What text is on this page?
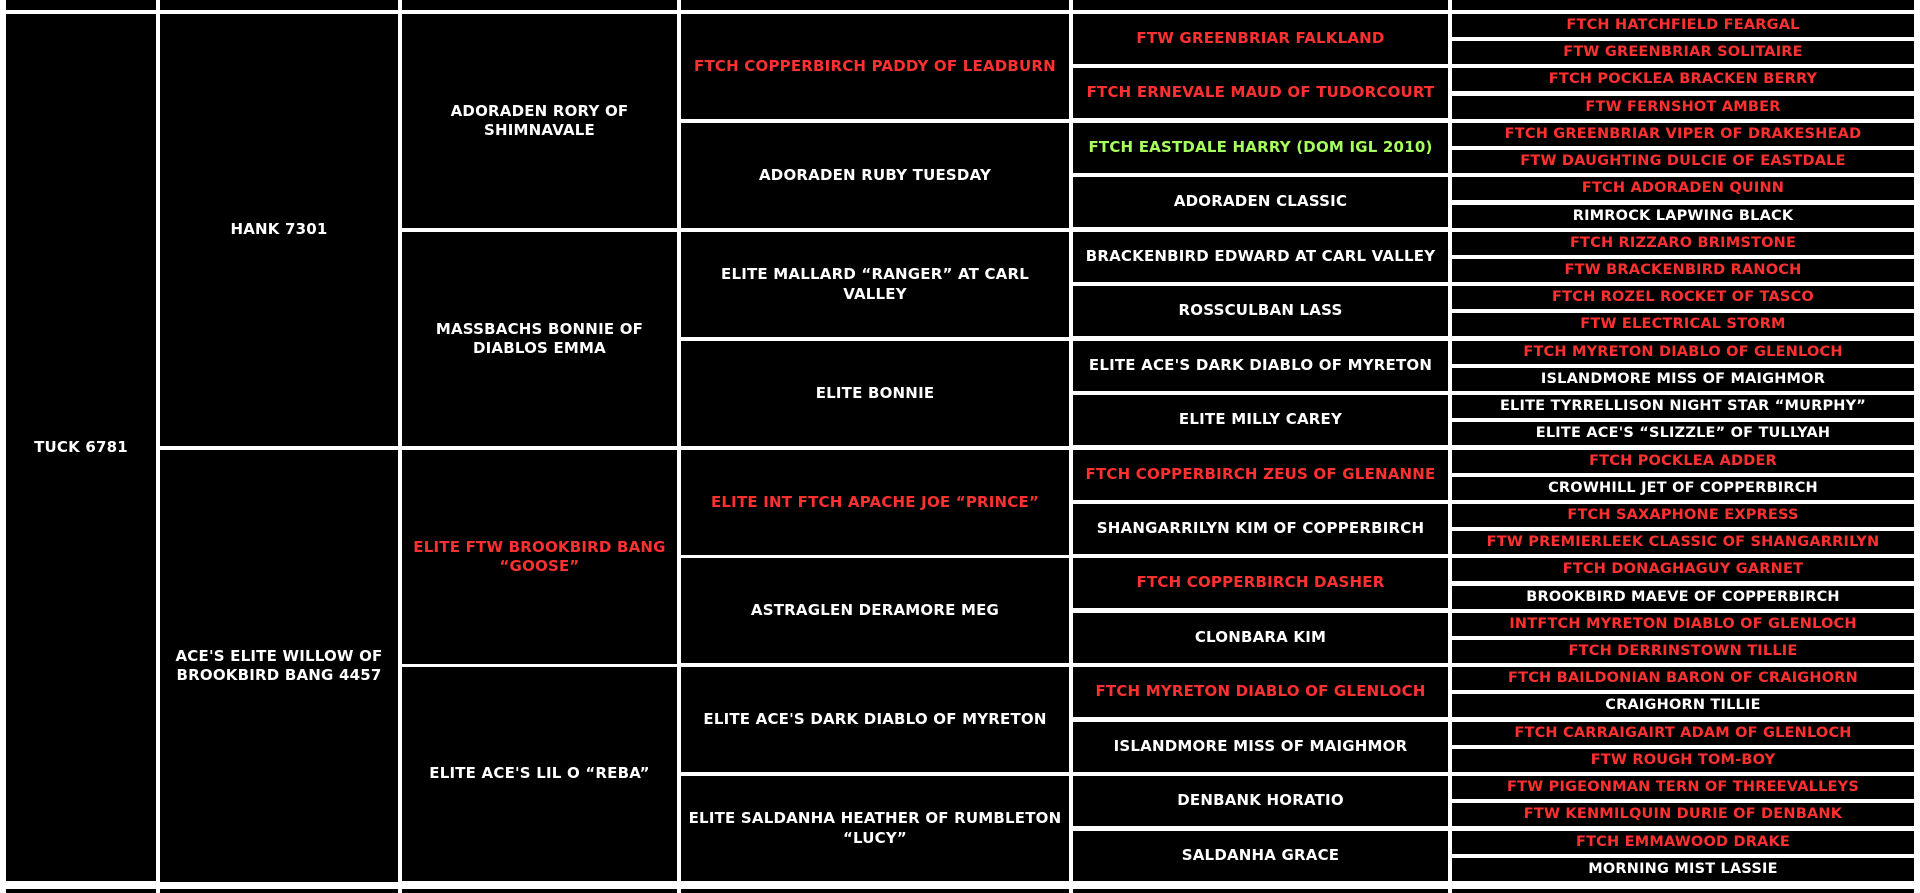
TUCK 6781
HANK 7301
ACE'S ELITE WILLOW OF BROOKBIRD BANG 4457
ADORADEN RORY OF SHIMNAVALE
MASSBACHS BONNIE OF DIABLOS EMMA
ELITE FTW BROOKBIRD BANG “GOOSE”
ELITE ACE'S LIL O “REBA”
FTCH COPPERBIRCH PADDY OF LEADBURN
ADORADEN RUBY TUESDAY
ELITE MALLARD “RANGER” AT CARL VALLEY
ELITE BONNIE
ELITE INT FTCH APACHE JOE “PRINCE”
ASTRAGLEN DERAMORE MEG
ELITE ACE'S DARK DIABLO OF MYRETON
ELITE SALDANHA HEATHER OF RUMBLETON “LUCY”
FTW GREENBRIAR FALKLAND
FTCH ERNEVALE MAUD OF TUDORCOURT
FTCH EASTDALE HARRY (DOM IGL 2010)
ADORADEN CLASSIC
BRACKENBIRD EDWARD AT CARL VALLEY
ROSSCULBAN LASS
ELITE ACE'S DARK DIABLO OF MYRETON
ELITE MILLY CAREY
FTCH COPPERBIRCH ZEUS OF GLENANNE
SHANGARRILYN KIM OF COPPERBIRCH
FTCH COPPERBIRCH DASHER
CLONBARA KIM
FTCH MYRETON DIABLO OF GLENLOCH
ISLANDMORE MISS OF MAIGHMOR
DENBANK HORATIO
SALDANHA GRACE
FTCH HATCHFIELD FEARGAL
FTW GREENBRIAR SOLITAIRE
FTCH POCKLEA BRACKEN BERRY
FTW FERNSHOT AMBER
FTCH GREENBRIAR VIPER OF DRAKESHEAD
FTW DAUGHTING DULCIE OF EASTDALE
FTCH ADORADEN QUINN
RIMROCK LAPWING BLACK
FTCH RIZZARO BRIMSTONE
FTW BRACKENBIRD RANOCH
FTCH ROZEL ROCKET OF TASCO
FTW ELECTRICAL STORM
FTCH MYRETON DIABLO OF GLENLOCH
ISLANDMORE MISS OF MAIGHMOR
ELITE TYRRELLISON NIGHT STAR “MURPHY”
ELITE ACE'S “SLIZZLE” OF TULLYAH
FTCH POCKLEA ADDER
CROWHILL JET OF COPPERBIRCH
FTCH SAXAPHONE EXPRESS
FTW PREMIERLEEK CLASSIC OF SHANGARRILYN
FTCH DONAGHAGUY GARNET
BROOKBIRD MAEVE OF COPPERBIRCH
INTFTCH MYRETON DIABLO OF GLENLOCH
FTCH DERRINSTOWN TILLIE
FTCH BAILDONIAN BARON OF CRAIGHORN
CRAIGHORN TILLIE
FTCH CARRAIGAIRT ADAM OF GLENLOCH
FTW ROUGH TOM-BOY
FTW PIGEONMAN TERN OF THREEVALLEYS
FTW KENMILQUIN DURIE OF DENBANK
FTCH EMMAWOOD DRAKE
MORNING MIST LASSIE
